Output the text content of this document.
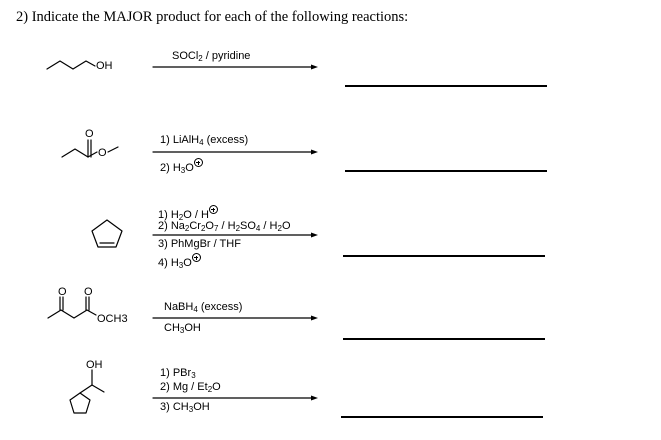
2) Indicate the MAJOR product for each of the following reactions:
OH
O
O
O O
OCH3
OH
SOCl$_2$ / pyridine
1) LiAlH$_4$ (excess)
2) $H_3O$
1) $H_2O$ / H
2) $Na_2Cr_2O_7 / H_2SO_4 / H_2O$
3) PhMgBr / THF
4) $H_3O$
NaBH$_4$ (excess)
$CH_3OH$
1) PBr$_3$
2) Mg / $Et_2O$
3) $CH_3OH$
